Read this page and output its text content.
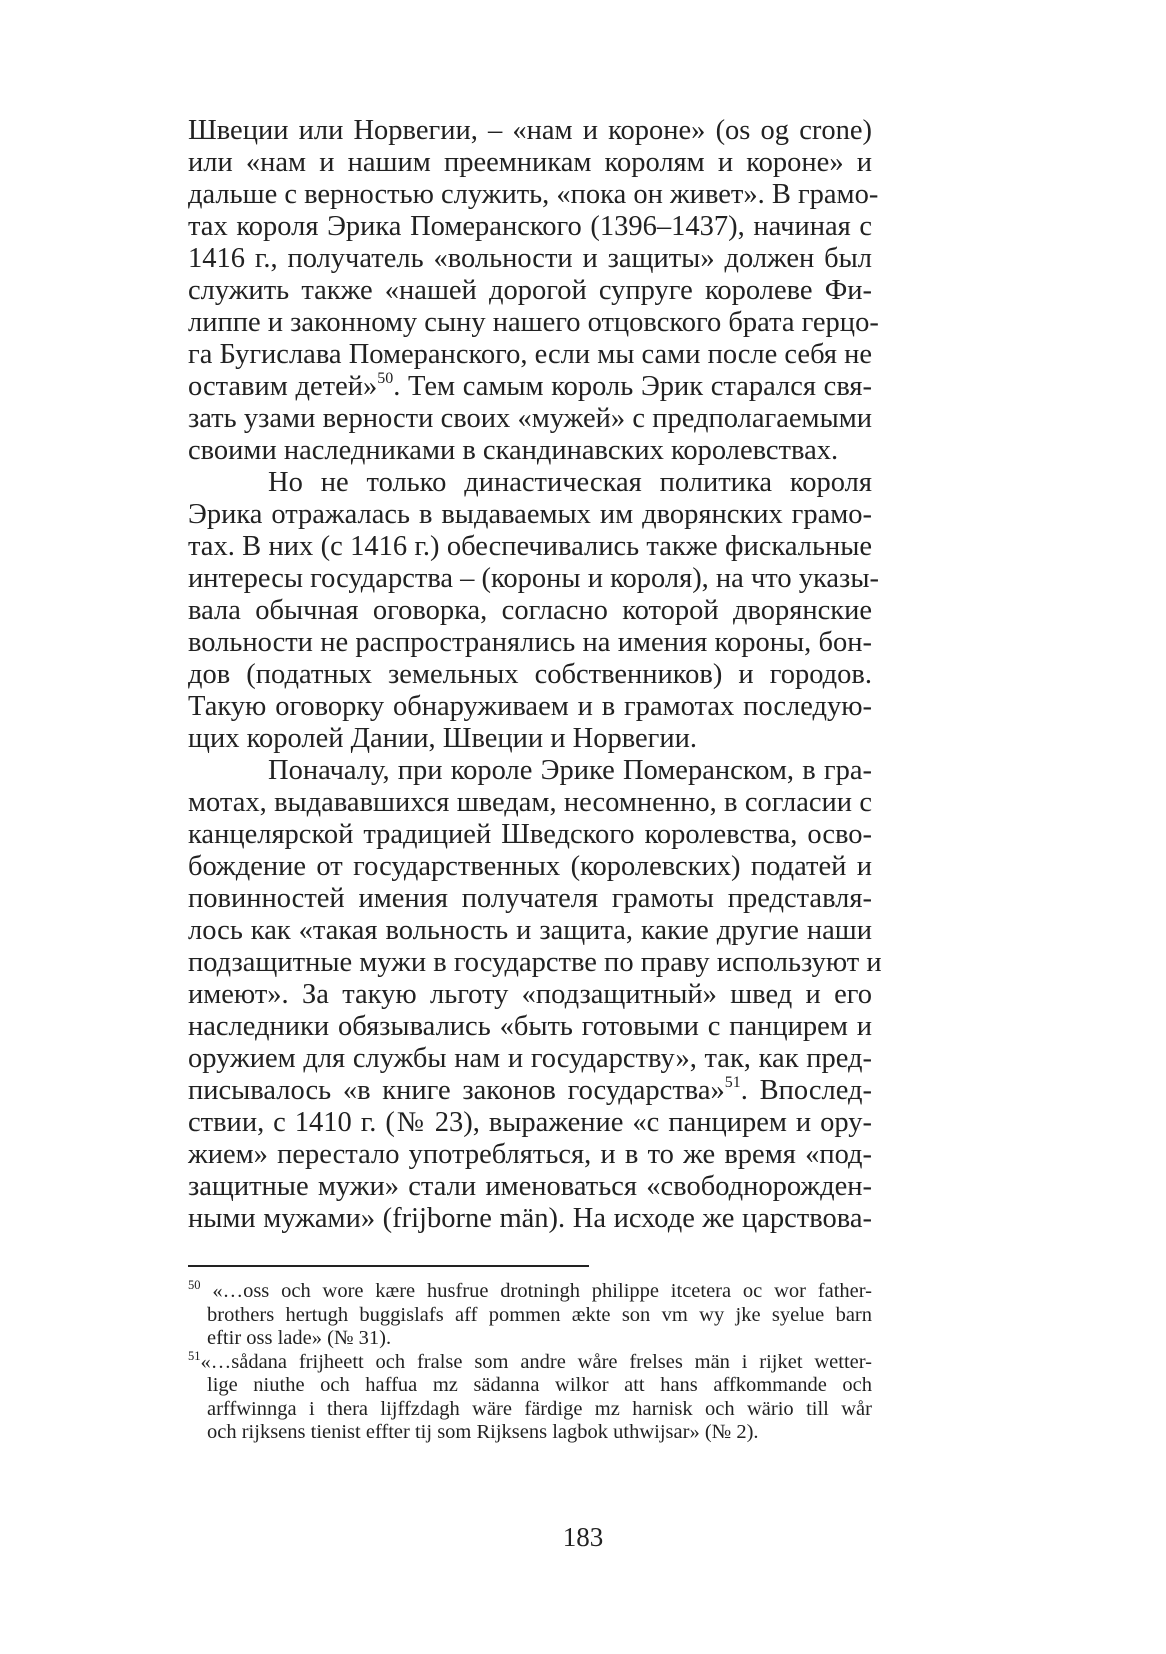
Швеции или Норвегии, – «нам и короне» (os og crone)
или «нам и нашим преемникам королям и короне» и
дальше с верностью служить, «пока он живет». В грамо-
тах короля Эрика Померанского (1396–1437), начиная с
1416 г., получатель «вольности и защиты» должен был
служить также «нашей дорогой супруге королеве Фи-
липпе и законному сыну нашего отцовского брата герцо-
га Бугислава Померанского, если мы сами после себя не
оставим детей»$^{50}$. Тем самым король Эрик старался свя-
зать узами верности своих «мужей» с предполагаемыми
своими наследниками в скандинавских королевствах.
Но не только династическая политика короля
Эрика отражалась в выдаваемых им дворянских грамо-
тах. В них (с 1416 г.) обеспечивались также фискальные
интересы государства – (короны и короля), на что указы-
вала обычная оговорка, согласно которой дворянские
вольности не распространялись на имения короны, бон-
дов (податных земельных собственников) и городов.
Такую оговорку обнаруживаем и в грамотах последую-
щих королей Дании, Швеции и Норвегии.
Поначалу, при короле Эрике Померанском, в гра-
мотах, выдававшихся шведам, несомненно, в согласии с
канцелярской традицией Шведского королевства, осво-
бождение от государственных (королевских) податей и
повинностей имения получателя грамоты представля-
лось как «такая вольность и защита, какие другие наши
подзащитные мужи в государстве по праву используют и
имеют». За такую льготу «подзащитный» швед и его
наследники обязывались «быть готовыми с панцирем и
оружием для службы нам и государству», так, как пред-
писывалось «в книге законов государства»$^{51}$. Впослед-
ствии, с 1410 г. (№ 23), выражение «с панцирем и ору-
жием» перестало употребляться, и в то же время «под-
защитные мужи» стали именоваться «свободнорожден-
ными мужами» (frijborne män). На исходе же царствова-
$^{50}$ «…oss och wore kære husfrue drotningh philippe itcetera oc wor father-
brothers hertugh buggislafs aff pommen ækte son vm wy jke syelue barn
eftir oss lade» (№ 31).
$^{51}$«…sådana frijheett och fralse som andre wåre frelses män i rijket wetter-
lige niuthe och haffua mz sädanna wilkor att hans affkommande och
arffwinnga i thera lijffzdagh wäre färdige mz harnisk och wärio till wår
och rijksens tienist effter tij som Rijksens lagbok uthwijsar» (№ 2).
183
